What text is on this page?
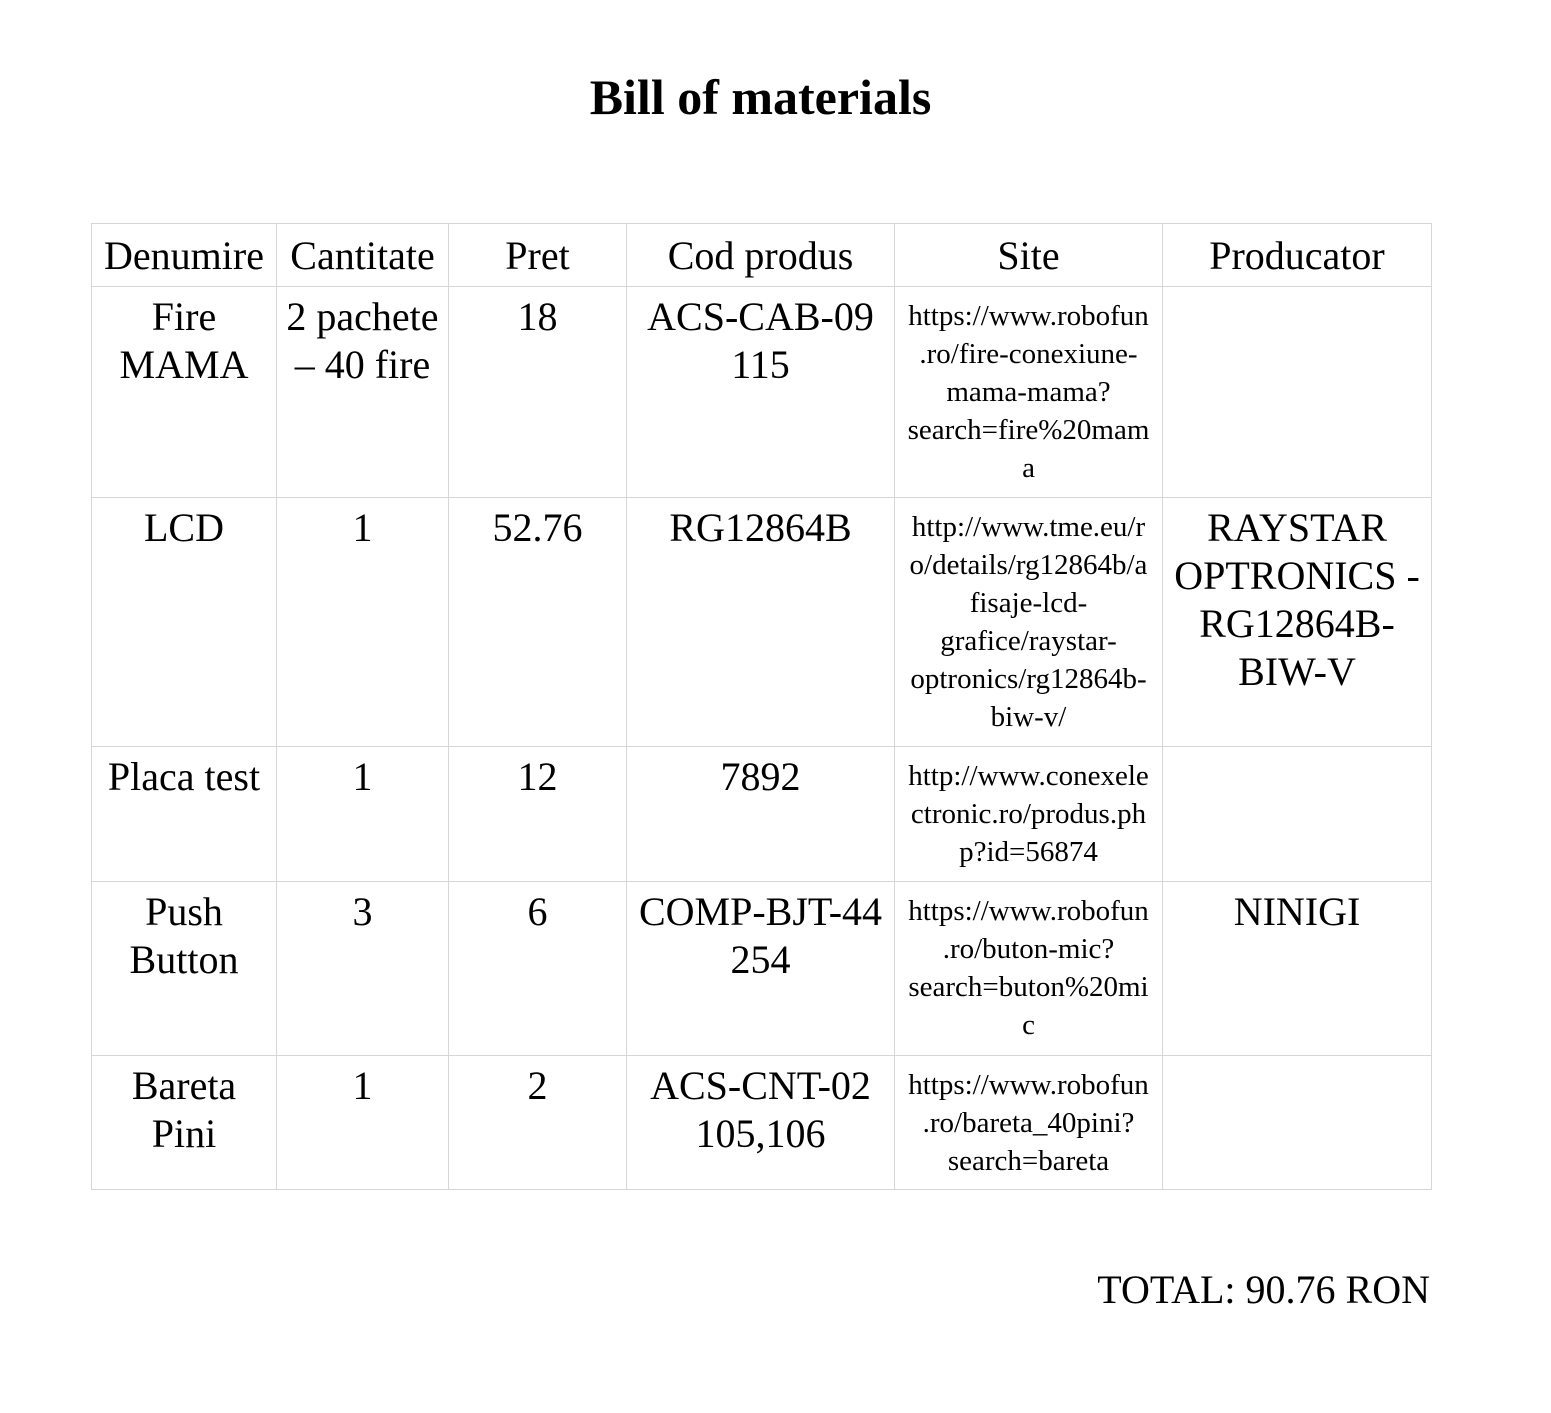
Bill of materials
Denumire	Cantitate	Pret	Cod produs	Site	Producator
Fire MAMA	2 pachete – 40 fire	18	ACS-CAB-09 115	https://www.robofun.ro/fire-conexiune-mama-mama?search=fire%20mama	
LCD	1	52.76	RG12864B	http://www.tme.eu/ro/details/rg12864b/afisaje-lcd-grafice/raystar-optronics/rg12864b-biw-v/	RAYSTAR OPTRONICS - RG12864B-BIW-V
Placa test	1	12	7892	http://www.conexelectronic.ro/produs.php?id=56874	
Push Button	3	6	COMP-BJT-44 254	https://www.robofun.ro/buton-mic?search=buton%20mic	NINIGI
Bareta Pini	1	2	ACS-CNT-02 105,106	https://www.robofun.ro/bareta_40pini?search=bareta	
TOTAL: 90.76 RON
